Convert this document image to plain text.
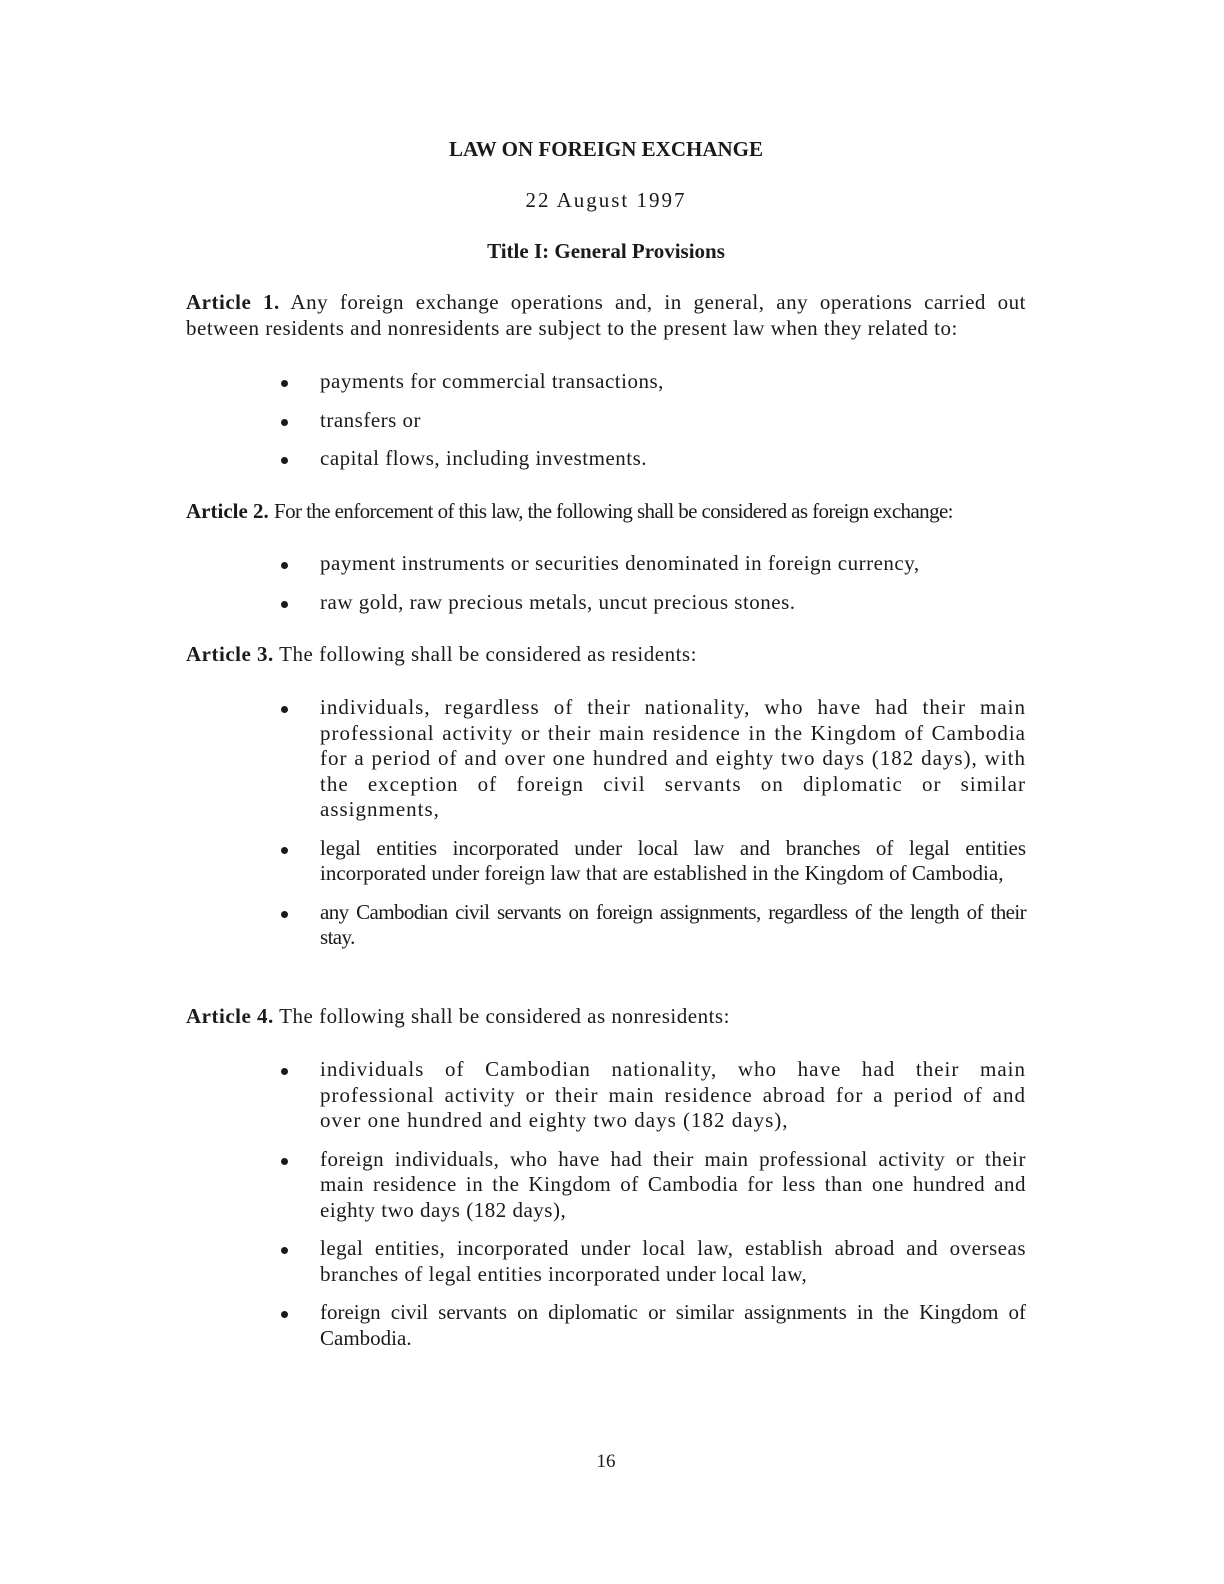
LAW ON FOREIGN EXCHANGE
22 August 1997
Title I: General Provisions
Article 1. Any foreign exchange operations and, in general, any operations carried out between residents and nonresidents are subject to the present law when they related to:
payments for commercial transactions,
transfers or
capital flows, including investments.
Article 2. For the enforcement of this law, the following shall be considered as foreign exchange:
payment instruments or securities denominated in foreign currency,
raw gold, raw precious metals, uncut precious stones.
Article 3. The following shall be considered as residents:
individuals, regardless of their nationality, who have had their main professional activity or their main residence in the Kingdom of Cambodia for a period of and over one hundred and eighty two days (182 days), with the exception of foreign civil servants on diplomatic or similar assignments,
legal entities incorporated under local law and branches of legal entities incorporated under foreign law that are established in the Kingdom of Cambodia,
any Cambodian civil servants on foreign assignments, regardless of the length of their stay.
Article 4. The following shall be considered as nonresidents:
individuals of Cambodian nationality, who have had their main professional activity or their main residence abroad for a period of and over one hundred and eighty two days (182 days),
foreign individuals, who have had their main professional activity or their main residence in the Kingdom of Cambodia for less than one hundred and eighty two days (182 days),
legal entities, incorporated under local law, establish abroad and overseas branches of legal entities incorporated under local law,
foreign civil servants on diplomatic or similar assignments in the Kingdom of Cambodia.
16
